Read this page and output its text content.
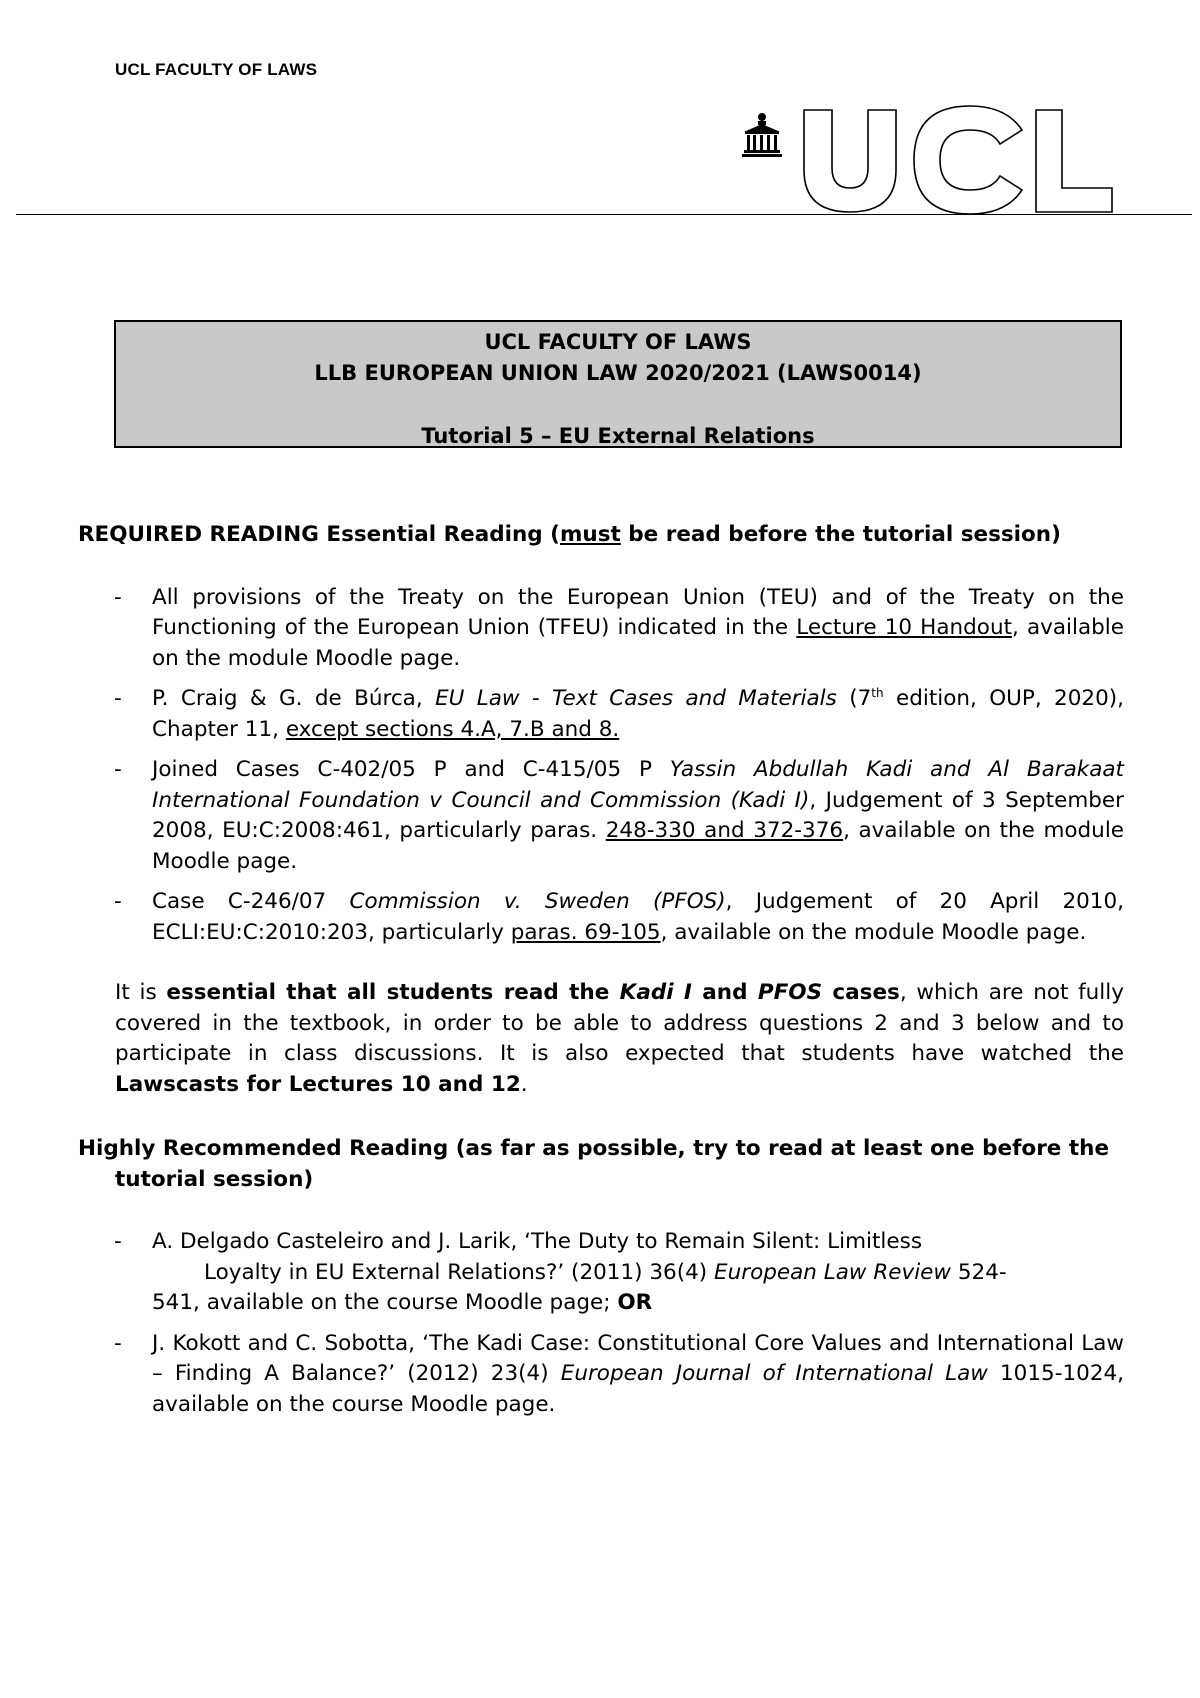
UCL FACULTY OF LAWS
UCL FACULTY OF LAWS
LLB EUROPEAN UNION LAW 2020/2021 (LAWS0014)
Tutorial 5 – EU External Relations

REQUIRED READING Essential Reading (must be read before the tutorial session)

- All provisions of the Treaty on the European Union (TEU) and of the Treaty on the Functioning of the European Union (TFEU) indicated in the Lecture 10 Handout, available on the module Moodle page.
- P. Craig & G. de Búrca, EU Law - Text Cases and Materials (7th edition, OUP, 2020), Chapter 11, except sections 4.A, 7.B and 8.
- Joined Cases C-402/05 P and C-415/05 P Yassin Abdullah Kadi and Al Barakaat International Foundation v Council and Commission (Kadi I), Judgement of 3 September 2008, EU:C:2008:461, particularly paras. 248-330 and 372-376, available on the module Moodle page.
- Case C-246/07 Commission v. Sweden (PFOS), Judgement of 20 April 2010, ECLI:EU:C:2010:203, particularly paras. 69-105, available on the module Moodle page.

It is essential that all students read the Kadi I and PFOS cases, which are not fully covered in the textbook, in order to be able to address questions 2 and 3 below and to participate in class discussions. It is also expected that students have watched the Lawscasts for Lectures 10 and 12.

Highly Recommended Reading (as far as possible, try to read at least one before the tutorial session)

- A. Delgado Casteleiro and J. Larik, ‘The Duty to Remain Silent: Limitless

Loyalty in EU External Relations?’ (2011) 36(4) European Law Review 524-
541, available on the course Moodle page; OR
- J. Kokott and C. Sobotta, ‘The Kadi Case: Constitutional Core Values and International Law – Finding A Balance?’ (2012) 23(4) European Journal of International Law 1015-1024, available on the course Moodle page.
